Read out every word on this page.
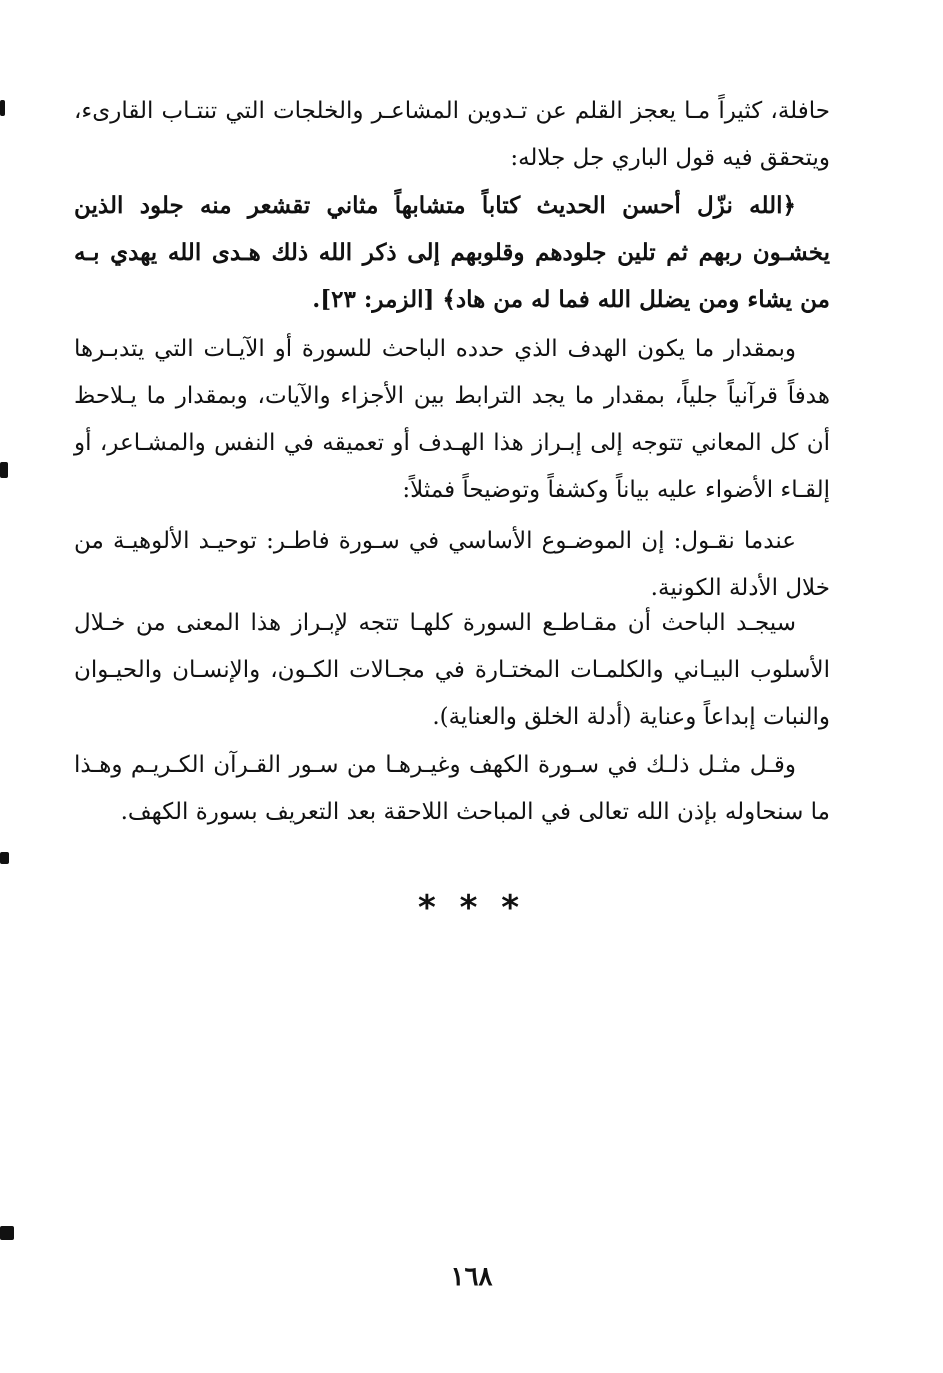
حافلة، كثيراً مـا يعجز القلم عن تـدوين المشاعـر والخلجات التي تنتـاب القارىء، ويتحقق فيه قول الباري جل جلاله:

﴿الله نزّل أحسن الحديث كتاباً متشابهاً مثاني تقشعر منه جلود الذين يخشـون ربهم ثم تلين جلودهم وقلوبهم إلى ذكر الله ذلك هـدى الله يهدي بـه من يشاء ومن يضلل الله فما له من هاد﴾ [الزمر: ٢٣].

وبمقدار ما يكون الهدف الذي حدده الباحث للسورة أو الآيـات التي يتدبـرها هدفاً قرآنياً جلياً، بمقدار ما يجد الترابط بين الأجزاء والآيات، وبمقدار ما يـلاحظ أن كل المعاني تتوجه إلى إبـراز هذا الهـدف أو تعميقه في النفس والمشـاعر، أو إلقـاء الأضواء عليه بياناً وكشفاً وتوضيحاً فمثلاً:

عندما نقـول: إن الموضـوع الأساسي في سـورة فاطـر: توحيـد الألوهيـة من خلال الأدلة الكونية.

سيجـد الباحث أن مقـاطـع السورة كلهـا تتجه لإبـراز هذا المعنى من خـلال الأسلوب البيـاني والكلمـات المختـارة في مجـالات الكـون، والإنسـان والحيـوان والنبات إبداعاً وعناية (أدلة الخلق والعناية).

وقـل مثـل ذلـك في سـورة الكهف وغيـرهـا من سـور القـرآن الكـريـم وهـذا ما سنحاوله بإذن الله تعالى في المباحث اللاحقة بعد التعريف بسورة الكهف.

* * *
١٦٨
